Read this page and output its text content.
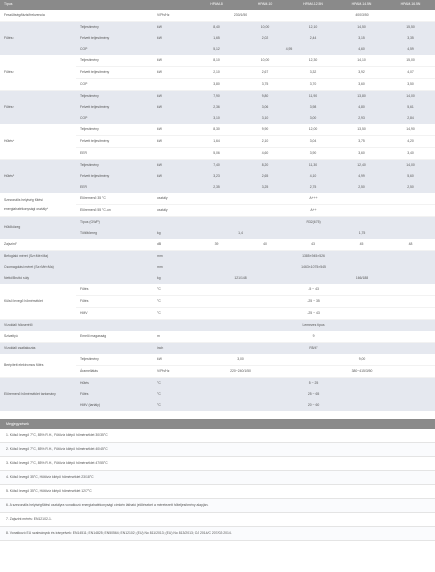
Típus			HPAM-8	HPAM-10	HPAM-12.5N	HPAM-14.5N	HPAM-16.5N
Feszültség/fázis/frekvencia		V/Ph/Hz	230/1/50		400/3/50		
Fűtés¹	Teljesítmény	kW	8,40	10,00	12,10	14,50	15,50
	Felvett teljesítmény	kW	1,65	2,02	2,44	3,15	3,35
	COP		5,12	4,95		4,60	4,59
Fűtés²	Teljesítmény	kW	8,10	10,00	12,30	14,10	15,00
	Felvett teljesítmény	kW	2,10	2,67	3,32	3,92	4,07
	COP		3,80	3,75	3,70	3,60	3,50
Fűtés³	Teljesítmény	kW	7,90	9,80	11,90	13,80	14,00
	Felvett teljesítmény	kW	2,36	3,06	3,98	4,80	5,61
	COP		3,10	3,10	3,00	2,93	2,84
Hűtés⁴	Teljesítmény	kW	8,30	9,90	12,00	13,50	14,90
	Felvett teljesítmény	kW	1,64	2,10	3,04	3,75	4,20
	EER		5,06	4,60	3,90	3,60	3,40
Hűtés⁵	Teljesítmény	kW	7,40	8,20	11,30	12,40	14,00
	Felvett teljesítmény	kW	3,23	2,65	4,10	4,99	5,60
	EER		2,35	3,25	2,75	2,50	2,50
Szezonális helyiség fűtési
energiahatékonysági osztály⁶	Előremenő 35 °C	osztály	A+++				
	Előremenő 55 °C-on	osztály	A++				
Hűtőközeg	Típus (GWP)		R32(675)				
	Töltőtömeg	kg	1,4		1,75		
Zajszint⁷		dB	39	40	43	45	48
Befoglaló méret (Sz×Mé×Ma)		mm	1385×945×526				
Csomagolási méret (Sz×Mé×Ma)		mm	1463×1075×545				
Nettó/Bruttó súly		kg	121/148		166/188		
Külső levegő hőmérséklet	Fűtés	°C	-5 ~ 43				
	Fűtés	°C	-25 ~ 35				
	HMV	°C	-25 ~ 43				
Vízoldali hőcserélő			Lemezes típus				
Szivattyú	Emelő magasság	m	9				
Vízoldali csatlakozás		inch	R5/4"				
Beépített elektromos fűtés	Teljesítmény	kW	3,00		9,00		
	Áramellátás	V/Ph/Hz	220~240/1/50		380~415/3/50		
Előremenő hőmérséklet tartomány	Hűtés	°C	5 ~ 25				
	Fűtés	°C	25 ~ 65				
	HMV (tartály)	°C	20 ~ 60				
Megjegyzések
1. Külső levegő 7°C, 85% R.H., Fűtővíz kilépő hőmérséklet 30/35°C
2. Külső levegő 7°C, 85% R.H., Fűtővíz kilépő hőmérséklet 40/45°C
3. Külső levegő 7°C, 85% R.H., Fűtővíz kilépő hőmérséklet 47/55°C
4. Külső levegő 35°C, Hűtővíz kilépő hőmérséklet 23/18°C
5. Külső levegő 35°C, Hűtővíz kilépő hőmérséklet 12/7°C
6. A szezonális helyiségfűtési osztályra vonatkozó energiahatékonysági címkén látható jelöléseket a méretezett hőteljesítmény alapján.
7. Zajszint mérés: EN12102-1.
8. Vonatkozó EU szabványok és irányelvek: EN14511; EN14825; EN50564; EN12102; (EU) No 811/2013; (EU) No 813/2013; OJ 2014/C 207/02:2014.
